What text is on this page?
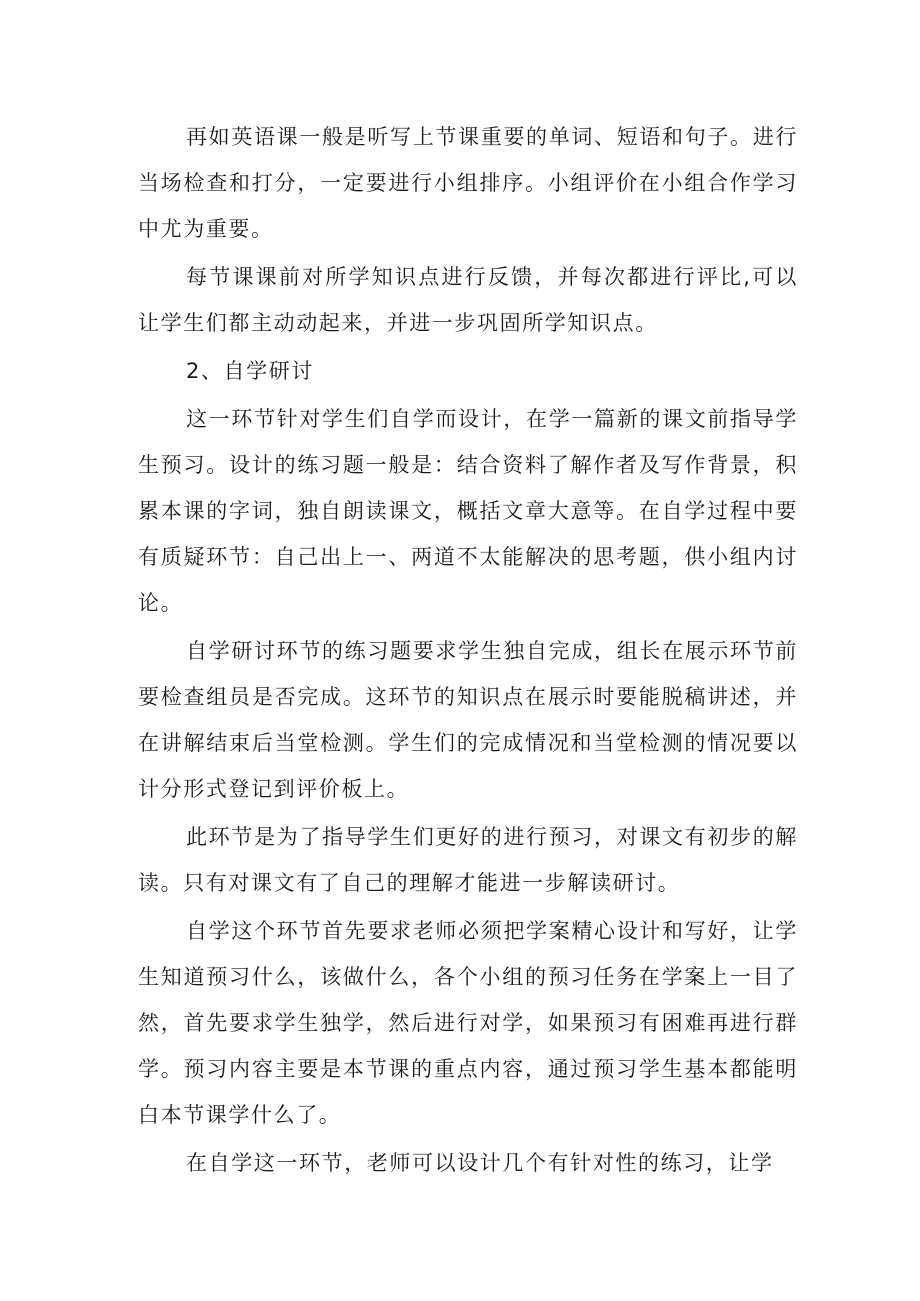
再如英语课一般是听写上节课重要的单词、短语和句子。进行当场检查和打分，一定要进行小组排序。小组评价在小组合作学习中尤为重要。

每节课课前对所学知识点进行反馈，并每次都进行评比,可以让学生们都主动动起来，并进一步巩固所学知识点。

2、自学研讨

这一环节针对学生们自学而设计，在学一篇新的课文前指导学生预习。设计的练习题一般是：结合资料了解作者及写作背景，积累本课的字词，独自朗读课文，概括文章大意等。在自学过程中要有质疑环节：自己出上一、两道不太能解决的思考题，供小组内讨论。

自学研讨环节的练习题要求学生独自完成，组长在展示环节前要检查组员是否完成。这环节的知识点在展示时要能脱稿讲述，并在讲解结束后当堂检测。学生们的完成情况和当堂检测的情况要以计分形式登记到评价板上。

此环节是为了指导学生们更好的进行预习，对课文有初步的解读。只有对课文有了自己的理解才能进一步解读研讨。

自学这个环节首先要求老师必须把学案精心设计和写好，让学生知道预习什么，该做什么，各个小组的预习任务在学案上一目了然，首先要求学生独学，然后进行对学，如果预习有困难再进行群学。预习内容主要是本节课的重点内容，通过预习学生基本都能明白本节课学什么了。

在自学这一环节，老师可以设计几个有针对性的练习，让学
